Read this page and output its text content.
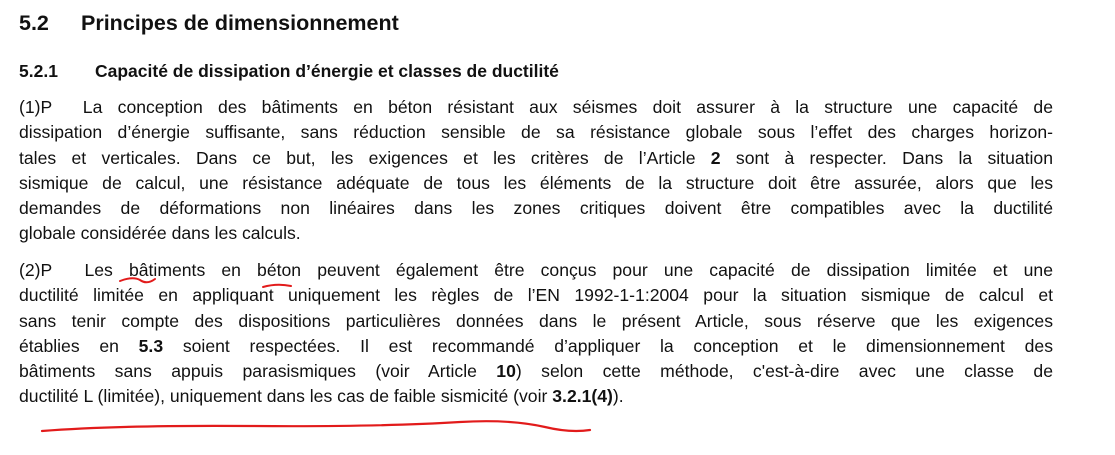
5.2 Principes de dimensionnement
5.2.1 Capacité de dissipation d’énergie et classes de ductilité
(1)P  La conception des bâtiments en béton résistant aux séismes doit assurer à la structure une capacité de
dissipation d’énergie suffisante, sans réduction sensible de sa résistance globale sous l’effet des charges horizon-
tales et verticales. Dans ce but, les exigences et les critères de l’Article 2 sont à respecter. Dans la situation
sismique de calcul, une résistance adéquate de tous les éléments de la structure doit être assurée, alors que les
demandes de déformations non linéaires dans les zones critiques doivent être compatibles avec la ductilité
globale considérée dans les calculs.
(2)P  Les bâtiments en béton peuvent également être conçus pour une capacité de dissipation limitée et une
ductilité limitée en appliquant uniquement les règles de l’EN 1992-1-1:2004 pour la situation sismique de calcul et
sans tenir compte des dispositions particulières données dans le présent Article, sous réserve que les exigences
établies en 5.3 soient respectées. Il est recommandé d’appliquer la conception et le dimensionnement des
bâtiments sans appuis parasismiques (voir Article 10) selon cette méthode, c'est-à-dire avec une classe de
ductilité L (limitée), uniquement dans les cas de faible sismicité (voir 3.2.1(4)).
